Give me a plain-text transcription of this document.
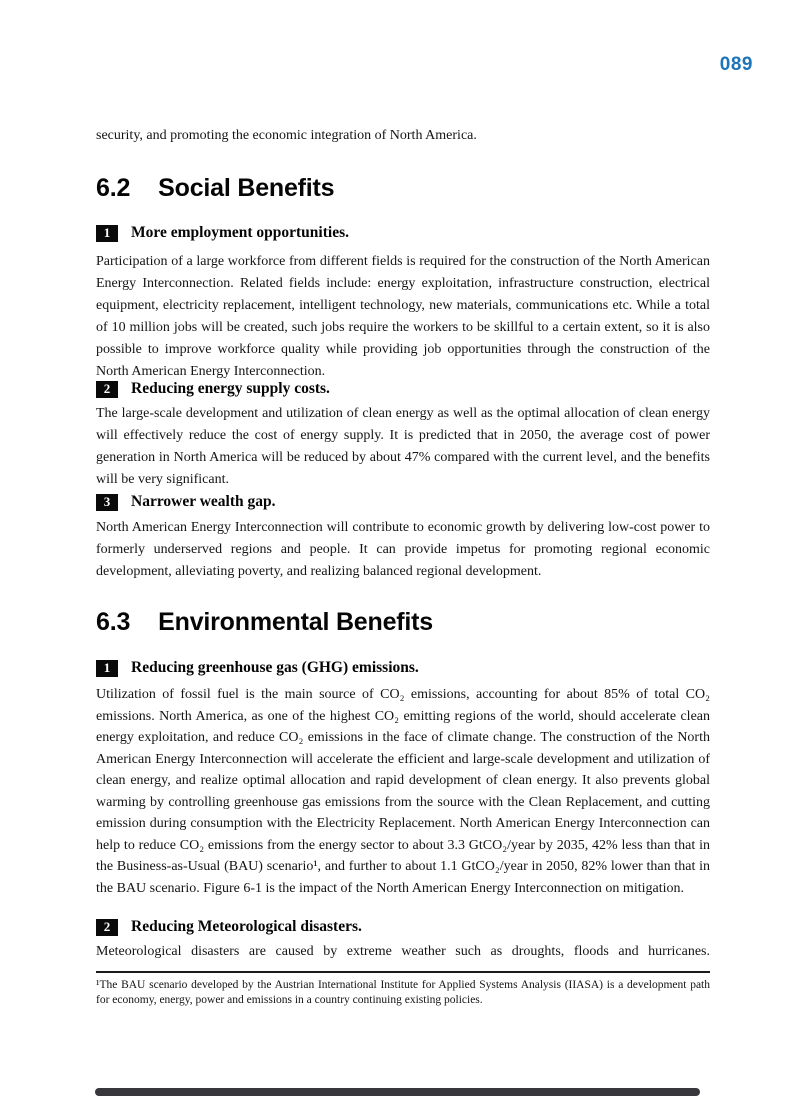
089

security, and promoting the economic integration of North America.

6.2 Social Benefits
1	More employment opportunities.

Participation of a large workforce from different fields is required for the construction of the North American Energy Interconnection. Related fields include: energy exploitation, infrastructure construction, electrical equipment, electricity replacement, intelligent technology, new materials, communications etc. While a total of 10 million jobs will be created, such jobs require the workers to be skillful to a certain extent, so it is also possible to improve workforce quality while providing job opportunities through the construction of the North American Energy Interconnection.

2	Reducing energy supply costs.

The large-scale development and utilization of clean energy as well as the optimal allocation of clean energy will effectively reduce the cost of energy supply. It is predicted that in 2050, the average cost of power generation in North America will be reduced by about 47% compared with the current level, and the benefits will be very significant.

3	Narrower wealth gap.

North American Energy Interconnection will contribute to economic growth by delivering low-cost power to formerly underserved regions and people. It can provide impetus for promoting regional economic development, alleviating poverty, and realizing balanced regional development.

6.3 Environmental Benefits
1	Reducing greenhouse gas (GHG) emissions.

Utilization of fossil fuel is the main source of CO₂ emissions, accounting for about 85% of total CO₂ emissions. North America, as one of the highest CO₂ emitting regions of the world, should accelerate clean energy exploitation, and reduce CO₂ emissions in the face of climate change. The construction of the North American Energy Interconnection will accelerate the efficient and large-scale development and utilization of clean energy, and realize optimal allocation and rapid development of clean energy. It also prevents global warming by controlling greenhouse gas emissions from the source with the Clean Replacement, and cutting emission during consumption with the Electricity Replacement. North American Energy Interconnection can help to reduce CO₂ emissions from the energy sector to about 3.3 GtCO₂/year by 2035, 42% less than that in the Business-as-Usual (BAU) scenario¹, and further to about 1.1 GtCO₂/year in 2050, 82% lower than that in the BAU scenario. Figure 6-1 is the impact of the North American Energy Interconnection on mitigation.

2	Reducing Meteorological disasters.

Meteorological disasters are caused by extreme weather such as droughts, floods and hurricanes.

¹The BAU scenario developed by the Austrian International Institute for Applied Systems Analysis (IIASA) is a development path for economy, energy, power and emissions in a country continuing existing policies.
